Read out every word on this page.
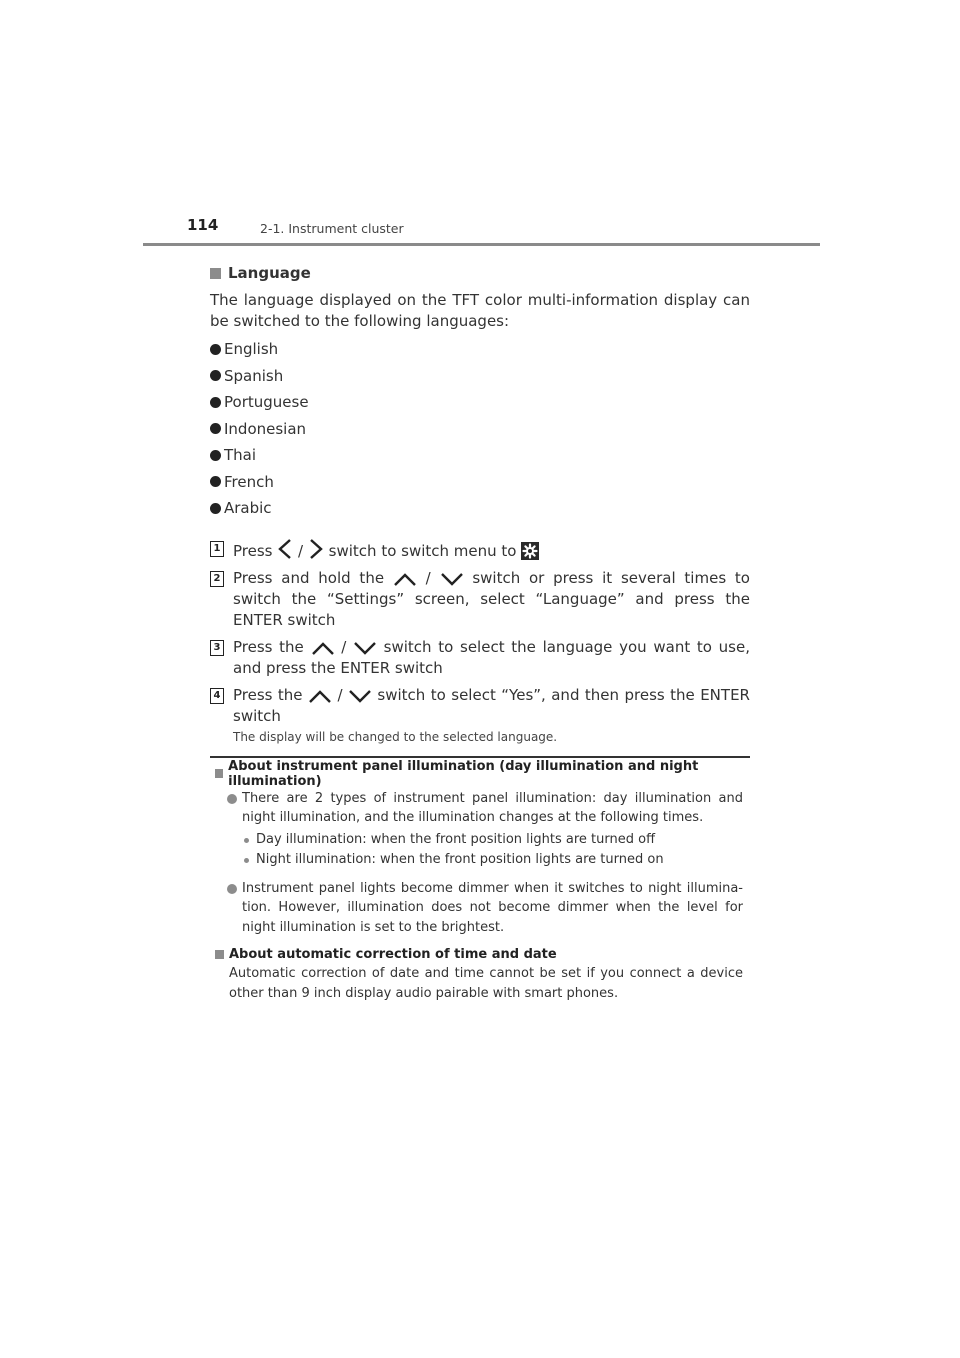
114	2-1. Instrument cluster
Language
The language displayed on the TFT color multi-information display can be switched to the following languages:
English
Spanish
Portuguese
Indonesian
Thai
French
Arabic
1 Press / switch to switch menu to
2 Press and hold the	/	switch or press it several times to switch the “Settings” screen, select “Language” and press the ENTER switch
3 Press the / switch to select the language you want to use, and press the ENTER switch
4 Press the / switch to select “Yes”, and then press the ENTER switch
The display will be changed to the selected language.
About instrument panel illumination (day illumination and night illumination)
There are 2 types of instrument panel illumination: day illumination and night illumination, and the illumination changes at the following times.
Day illumination: when the front position lights are turned off
Night illumination: when the front position lights are turned on
Instrument panel lights become dimmer when it switches to night illumina-tion. However, illumination does not become dimmer when the level for night illumination is set to the brightest.
About automatic correction of time and date
Automatic correction of date and time cannot be set if you connect a device other than 9 inch display audio pairable with smart phones.
